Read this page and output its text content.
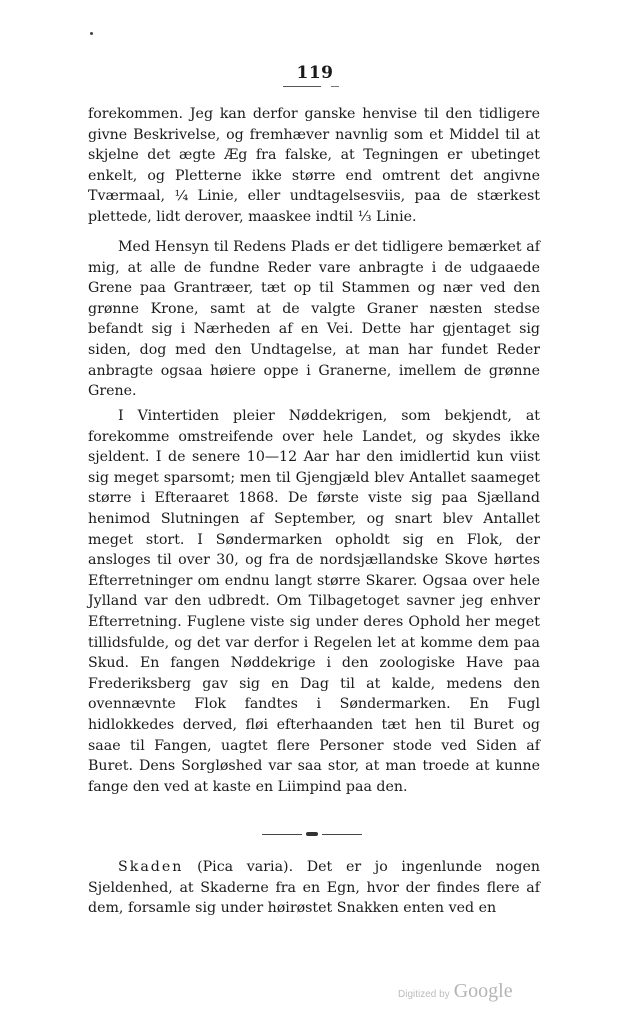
119

forekommen. Jeg kan derfor ganske henvise til den tidligere givne Beskrivelse, og fremhæver navnlig som et Middel til at skjelne det ægte Æg fra falske, at Tegningen er ubetinget enkelt, og Pletterne ikke større end omtrent det angivne Tværmaal, ¼ Linie, eller undtagelsesviis, paa de stærkest plettede, lidt derover, maaskee indtil ⅓ Linie.

Med Hensyn til Redens Plads er det tidligere bemærket af mig, at alle de fundne Reder vare anbragte i de udgaaede Grene paa Grantræer, tæt op til Stammen og nær ved den grønne Krone, samt at de valgte Graner næsten stedse befandt sig i Nærheden af en Vei. Dette har gjentaget sig siden, dog med den Undtagelse, at man har fundet Reder anbragte ogsaa høiere oppe i Granerne, imellem de grønne Grene.

I Vintertiden pleier Nøddekrigen, som bekjendt, at forekomme omstreifende over hele Landet, og skydes ikke sjeldent. I de senere 10—12 Aar har den imidlertid kun viist sig meget sparsomt; men til Gjengjæld blev Antallet saameget større i Efteraaret 1868. De første viste sig paa Sjælland henimod Slutningen af September, og snart blev Antallet meget stort. I Søndermarken opholdt sig en Flok, der ansloges til over 30, og fra de nordsjællandske Skove hørtes Efterretninger om endnu langt større Skarer. Ogsaa over hele Jylland var den udbredt. Om Tilbagetoget savner jeg enhver Efterretning. Fuglene viste sig under deres Ophold her meget tillidsfulde, og det var derfor i Regelen let at komme dem paa Skud. En fangen Nøddekrige i den zoologiske Have paa Frederiksberg gav sig en Dag til at kalde, medens den ovennævnte Flok fandtes i Søndermarken. En Fugl hidlokkedes derved, fløi efterhaanden tæt hen til Buret og saae til Fangen, uagtet flere Personer stode ved Siden af Buret. Dens Sorgløshed var saa stor, at man troede at kunne fange den ved at kaste en Liimpind paa den.

Skaden (Pica varia). Det er jo ingenlunde nogen Sjeldenhed, at Skaderne fra en Egn, hvor der findes flere af dem, forsamle sig under høirøstet Snakken enten ved en

Digitized by Google
